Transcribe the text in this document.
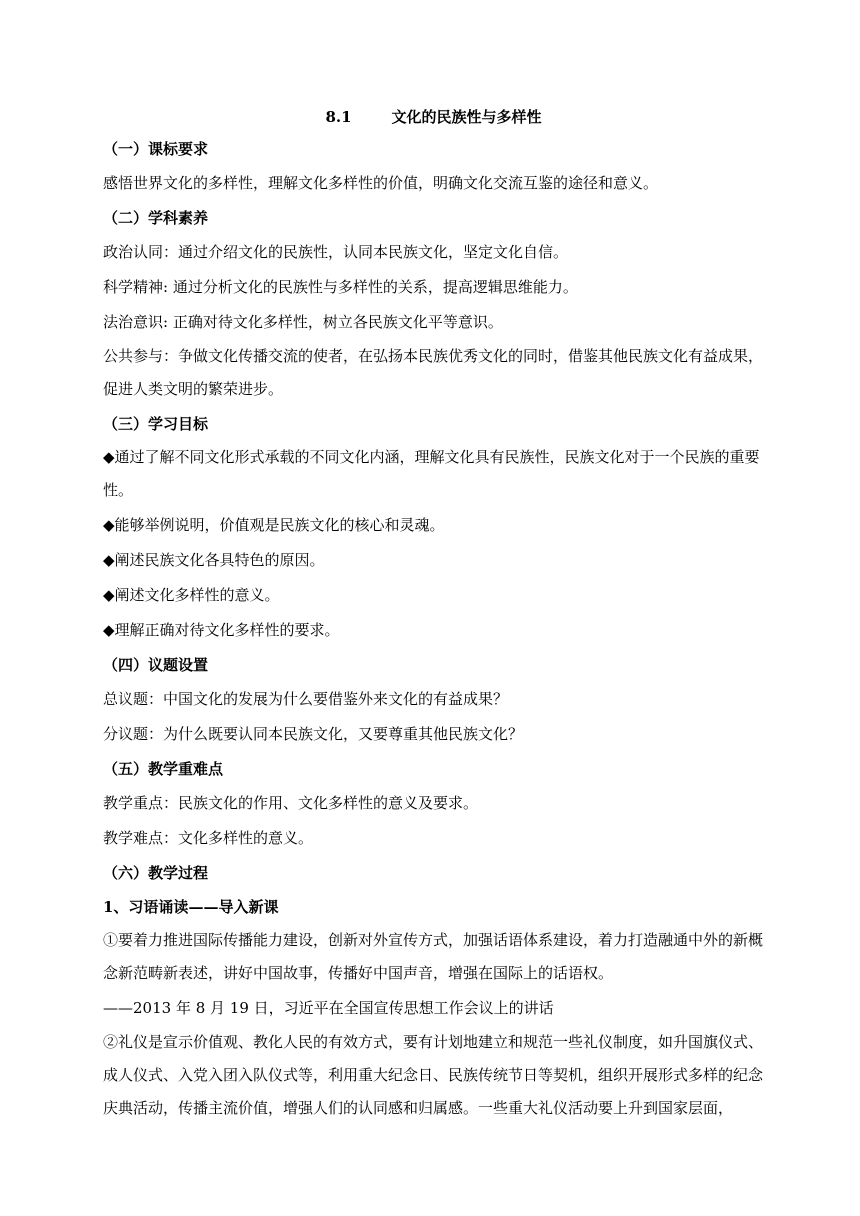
8.1	文化的民族性与多样性
（一）课标要求
感悟世界文化的多样性，理解文化多样性的价值，明确文化交流互鉴的途径和意义。
（二）学科素养
政治认同：通过介绍文化的民族性，认同本民族文化，坚定文化自信。
科学精神: 通过分析文化的民族性与多样性的关系，提高逻辑思维能力。
法治意识: 正确对待文化多样性，树立各民族文化平等意识。
公共参与：争做文化传播交流的使者，在弘扬本民族优秀文化的同时，借鉴其他民族文化有益成果，促进人类文明的繁荣进步。
（三）学习目标
◆通过了解不同文化形式承载的不同文化内涵，理解文化具有民族性，民族文化对于一个民族的重要性。
◆能够举例说明，价值观是民族文化的核心和灵魂。
◆阐述民族文化各具特色的原因。
◆阐述文化多样性的意义。
◆理解正确对待文化多样性的要求。
（四）议题设置
总议题：中国文化的发展为什么要借鉴外来文化的有益成果？
分议题：为什么既要认同本民族文化，又要尊重其他民族文化？
（五）教学重难点
教学重点：民族文化的作用、文化多样性的意义及要求。
教学难点：文化多样性的意义。
（六）教学过程
1、习语诵读——导入新课
①要着力推进国际传播能力建设，创新对外宣传方式，加强话语体系建设，着力打造融通中外的新概念新范畴新表述，讲好中国故事，传播好中国声音，增强在国际上的话语权。
——2013 年 8 月 19 日，习近平在全国宣传思想工作会议上的讲话
②礼仪是宣示价值观、教化人民的有效方式，要有计划地建立和规范一些礼仪制度，如升国旗仪式、成人仪式、入党入团入队仪式等，利用重大纪念日、民族传统节日等契机，组织开展形式多样的纪念庆典活动，传播主流价值，增强人们的认同感和归属感。一些重大礼仪活动要上升到国家层面，
